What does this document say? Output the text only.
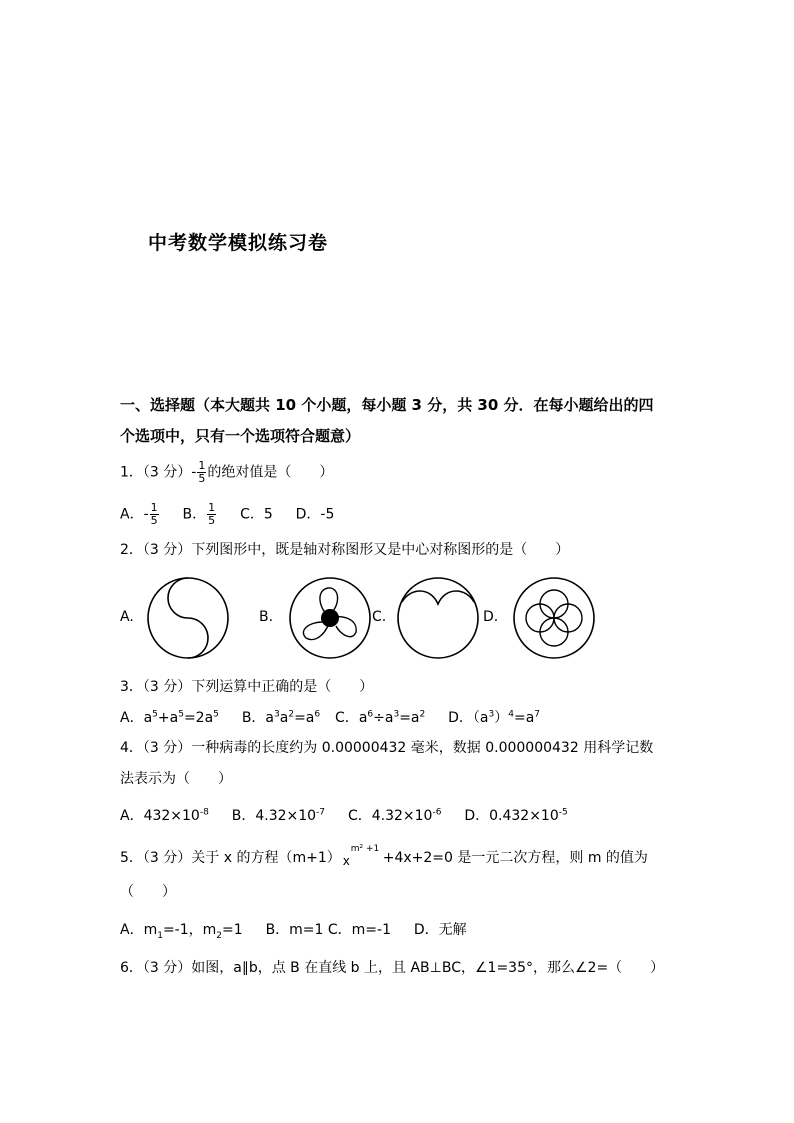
中考数学模拟练习卷
一、选择题（本大题共 10 个小题，每小题 3 分，共 30 分．在每小题给出的四
个选项中，只有一个选项符合题意）
1．（3 分）- $\frac{1}{5}$ 的绝对值是（　　）
A．- $\frac{1}{5}$ B． $\frac{1}{5}$ C．5 D．-5
2．（3 分）下列图形中，既是轴对称图形又是中心对称图形的是（　　）
A.	B.	C.	D.
3．（3 分）下列运算中正确的是（　　）
A．$a^5+a^5=2a^5$ B．$a^3a^2=a^6$ C．$a^6\div a^3=a^2$ D．$(a^3)^4=a^7$
4．（3 分）一种病毒的长度约为 0.00000432 毫米，数据 0.000000432 用科学记数
法表示为（　　）
A．$432\times 10^{-8}$ B．$4.32\times 10^{-7}$ C．$4.32\times 10^{-6}$ D．$0.432\times 10^{-5}$
5．（3 分）关于 x 的方程（m+1） x
m² +1
+4x+2=0 是一元二次方程，则 m 的值为
（　　）
A．$m_1=-1$，$m_2=1$ B．m=1 C．m=-1 D．无解
6．（3 分）如图，a∥b，点 B 在直线 b 上，且 AB⊥BC，∠1=35°，那么∠2=（　　）
